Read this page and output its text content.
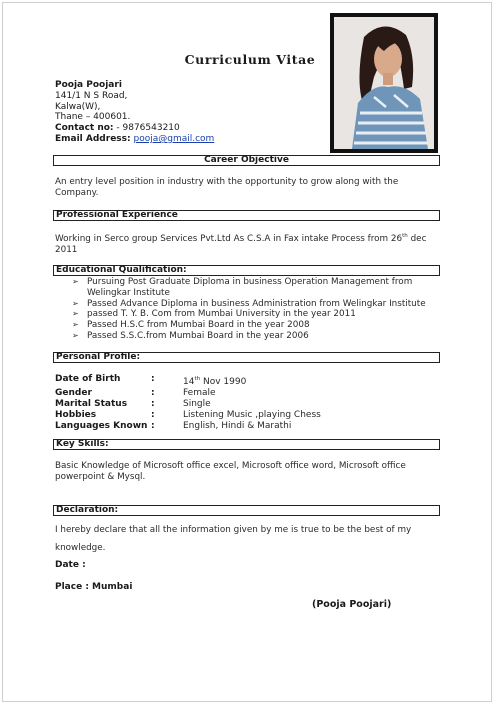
Curriculum Vitae
Pooja Poojari
141/1 N S Road,
Kalwa(W),
Thane – 400601.
Contact no: - 9876543210
Email Address: pooja@gmail.com
Career Objective
An entry level position in industry with the opportunity to grow along with the Company.
Professional Experience
Working in Serco group Services Pvt.Ltd As C.S.A in Fax intake Process from 26th dec 2011
Educational Qualification:
➢ Pursuing Post Graduate Diploma in business Operation Management from Welingkar Institute
➢ Passed Advance Diploma in business Administration from Welingkar Institute
➢ passed T. Y. B. Com from Mumbai University in the year 2011
➢ Passed H.S.C from Mumbai Board in the year 2008
➢ Passed S.S.C.from Mumbai Board in the year 2006
Personal Profile:
Date of Birth	:	14th Nov 1990
Gender	:	Female
Marital Status	:	Single
Hobbies	:	Listening Music ,playing Chess
Languages Known :	English, Hindi & Marathi
Key Skills:
Basic Knowledge of Microsoft office excel, Microsoft office word, Microsoft office powerpoint & Mysql.
Declaration:
I hereby declare that all the information given by me is true to be the best of my
knowledge.
Date :
Place : Mumbai
(Pooja Poojari)
